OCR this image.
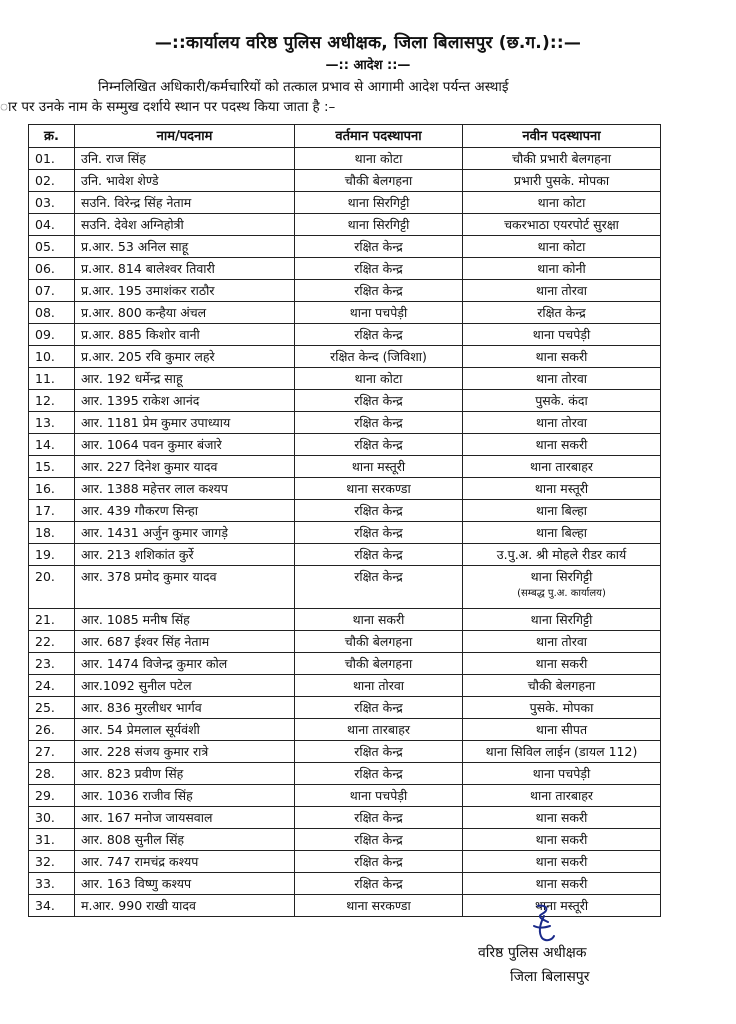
—::कार्यालय वरिष्ठ पुलिस अधीक्षक, जिला बिलासपुर (छ.ग.)::—
—:: आदेश ::—
निम्नलिखित अधिकारी/कर्मचारियों को तत्काल प्रभाव से आगामी आदेश पर्यन्त अस्थाई
ार पर उनके नाम के सम्मुख दर्शाये स्थान पर पदस्थ किया जाता है :–
क्र.	नाम/पदनाम	वर्तमान पदस्थापना	नवीन पदस्थापना
01.	उनि. राज सिंह	थाना कोटा	चौकी प्रभारी बेलगहना
02.	उनि. भावेश शेण्डे	चौकी बेलगहना	प्रभारी पुसके. मोपका
03.	सउनि. विरेन्द्र सिंह नेताम	थाना सिरगिट्टी	थाना कोटा
04.	सउनि. देवेश अग्निहोत्री	थाना सिरगिट्टी	चकरभाठा एयरपोर्ट सुरक्षा
05.	प्र.आर. 53 अनिल साहू	रक्षित केन्द्र	थाना कोटा
06.	प्र.आर. 814 बालेश्वर तिवारी	रक्षित केन्द्र	थाना कोनी
07.	प्र.आर. 195 उमाशंकर राठौर	रक्षित केन्द्र	थाना तोरवा
08.	प्र.आर. 800 कन्हैया अंचल	थाना पचपेड़ी	रक्षित केन्द्र
09.	प्र.आर. 885 किशोर वानी	रक्षित केन्द्र	थाना पचपेड़ी
10.	प्र.आर. 205 रवि कुमार लहरे	रक्षित केन्द (जिविशा)	थाना सकरी
11.	आर. 192 धर्मेन्द्र साहू	थाना कोटा	थाना तोरवा
12.	आर. 1395 राकेश आनंद	रक्षित केन्द्र	पुसके. कंदा
13.	आर. 1181 प्रेम कुमार उपाध्याय	रक्षित केन्द्र	थाना तोरवा
14.	आर. 1064 पवन कुमार बंजारे	रक्षित केन्द्र	थाना सकरी
15.	आर. 227 दिनेश कुमार यादव	थाना मस्तूरी	थाना तारबाहर
16.	आर. 1388 महेत्तर लाल कश्यप	थाना सरकण्डा	थाना मस्तूरी
17.	आर. 439 गौकरण सिन्हा	रक्षित केन्द्र	थाना बिल्हा
18.	आर. 1431 अर्जुन कुमार जागड़े	रक्षित केन्द्र	थाना बिल्हा
19.	आर. 213 शशिकांत कुर्रे	रक्षित केन्द्र	उ.पु.अ. श्री मोहले रीडर कार्य
20.	आर. 378 प्रमोद कुमार यादव	रक्षित केन्द्र	थाना सिरगिट्टी
(सम्बद्ध पु.अ. कार्यालय)

21.	आर. 1085 मनीष सिंह	थाना सकरी	थाना सिरगिट्टी
22.	आर. 687 ईश्वर सिंह नेताम	चौकी बेलगहना	थाना तोरवा
23.	आर. 1474 विजेन्द्र कुमार कोल	चौकी बेलगहना	थाना सकरी
24.	आर.1092 सुनील पटेल	थाना तोरवा	चौकी बेलगहना
25.	आर. 836 मुरलीधर भार्गव	रक्षित केन्द्र	पुसके. मोपका
26.	आर. 54 प्रेमलाल सूर्यवंशी	थाना तारबाहर	थाना सीपत
27.	आर. 228 संजय कुमार रात्रे	रक्षित केन्द्र	थाना सिविल लाईन (डायल 112)
28.	आर. 823 प्रवीण सिंह	रक्षित केन्द्र	थाना पचपेड़ी
29.	आर. 1036 राजीव सिंह	थाना पचपेड़ी	थाना तारबाहर
30.	आर. 167 मनोज जायसवाल	रक्षित केन्द्र	थाना सकरी
31.	आर. 808 सुनील सिंह	रक्षित केन्द्र	थाना सकरी
32.	आर. 747 रामचंद्र कश्यप	रक्षित केन्द्र	थाना सकरी
33.	आर. 163 विष्णु कश्यप	रक्षित केन्द्र	थाना सकरी
34.	म.आर. 990 राखी यादव	थाना सरकण्डा	थाना मस्तूरी
वरिष्ठ पुलिस अधीक्षक
जिला बिलासपुर
